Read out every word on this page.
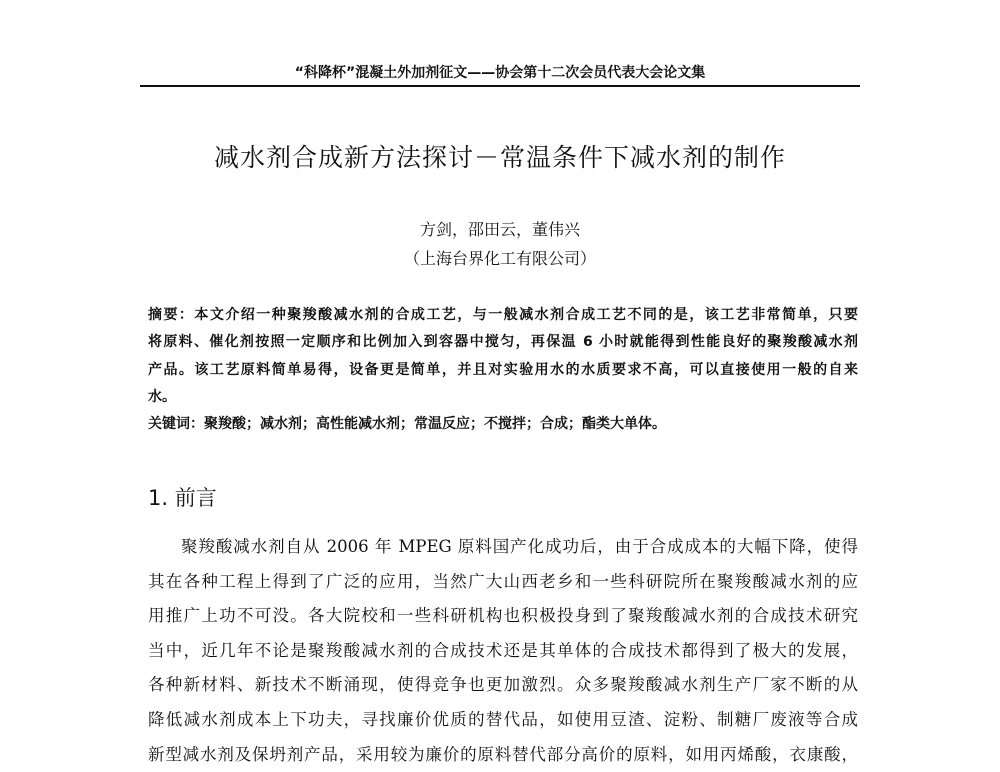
“科降杯”混凝土外加剂征文——协会第十二次会员代表大会论文集
减水剂合成新方法探讨－常温条件下减水剂的制作
方剑，邵田云，董伟兴
（上海台界化工有限公司）
摘要：本文介绍一种聚羧酸减水剂的合成工艺，与一般减水剂合成工艺不同的是，该工艺非常简单，只要
将原料、催化剂按照一定顺序和比例加入到容器中搅匀，再保温 6 小时就能得到性能良好的聚羧酸减水剂
产品。该工艺原料简单易得，设备更是简单，并且对实验用水的水质要求不高，可以直接使用一般的自来
水。
关键词：聚羧酸；减水剂；高性能减水剂；常温反应；不搅拌；合成；酯类大单体。
1. 前言
聚羧酸减水剂自从 2006 年 MPEG 原料国产化成功后，由于合成成本的大幅下降，使得
其在各种工程上得到了广泛的应用，当然广大山西老乡和一些科研院所在聚羧酸减水剂的应
用推广上功不可没。各大院校和一些科研机构也积极投身到了聚羧酸减水剂的合成技术研究
当中，近几年不论是聚羧酸减水剂的合成技术还是其单体的合成技术都得到了极大的发展，
各种新材料、新技术不断涌现，使得竞争也更加激烈。众多聚羧酸减水剂生产厂家不断的从
降低减水剂成本上下功夫，寻找廉价优质的替代品，如使用豆渣、淀粉、制糖厂废液等合成
新型减水剂及保坍剂产品，采用较为廉价的原料替代部分高价的原料，如用丙烯酸，衣康酸，
